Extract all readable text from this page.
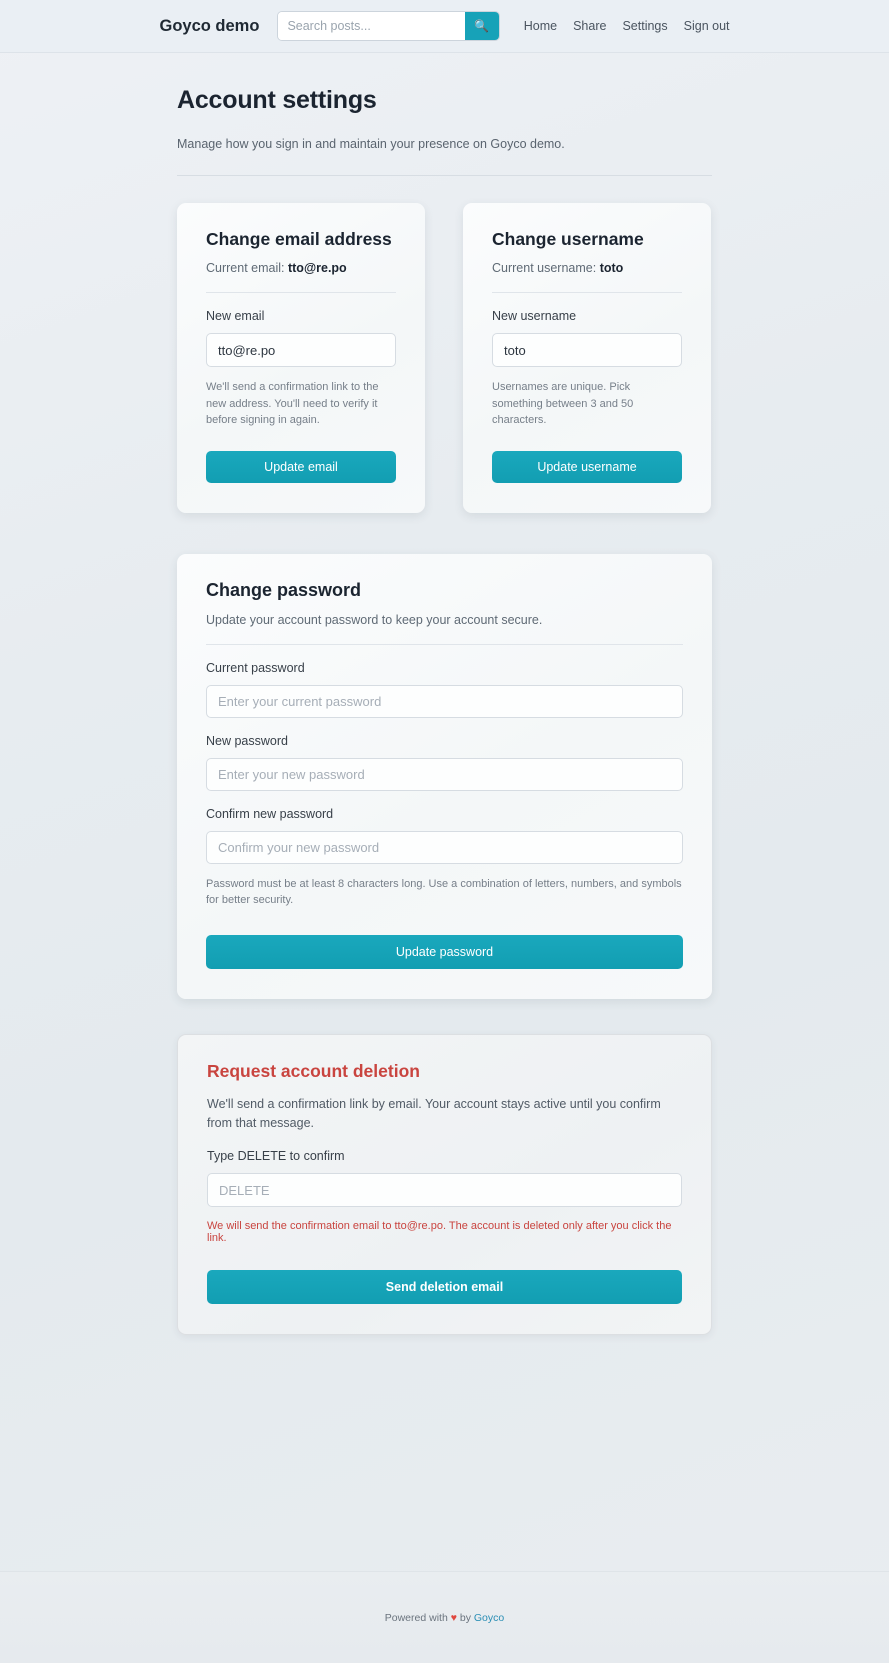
Goyco demo
Search posts...	🔍	Home Share Settings Sign out
Account settings
Manage how you sign in and maintain your presence on Goyco demo.
Change email address
Current email: tto@re.po
New email
tto@re.po
We'll send a confirmation link to the new address. You'll need to verify it before signing in again.
Update email
Change username
Current username: toto
New username
toto
Usernames are unique. Pick something between 3 and 50 characters.
Update username
Change password
Update your account password to keep your account secure.
Current password
New password
Confirm new password
Password must be at least 8 characters long. Use a combination of letters, numbers, and symbols for better security.
Update password
Request account deletion
We'll send a confirmation link by email. Your account stays active until you confirm from that message.
Type DELETE to confirm
DELETE
We will send the confirmation email to tto@re.po. The account is deleted only after you click the link.
Send deletion email
Powered with ♥ by Goyco
